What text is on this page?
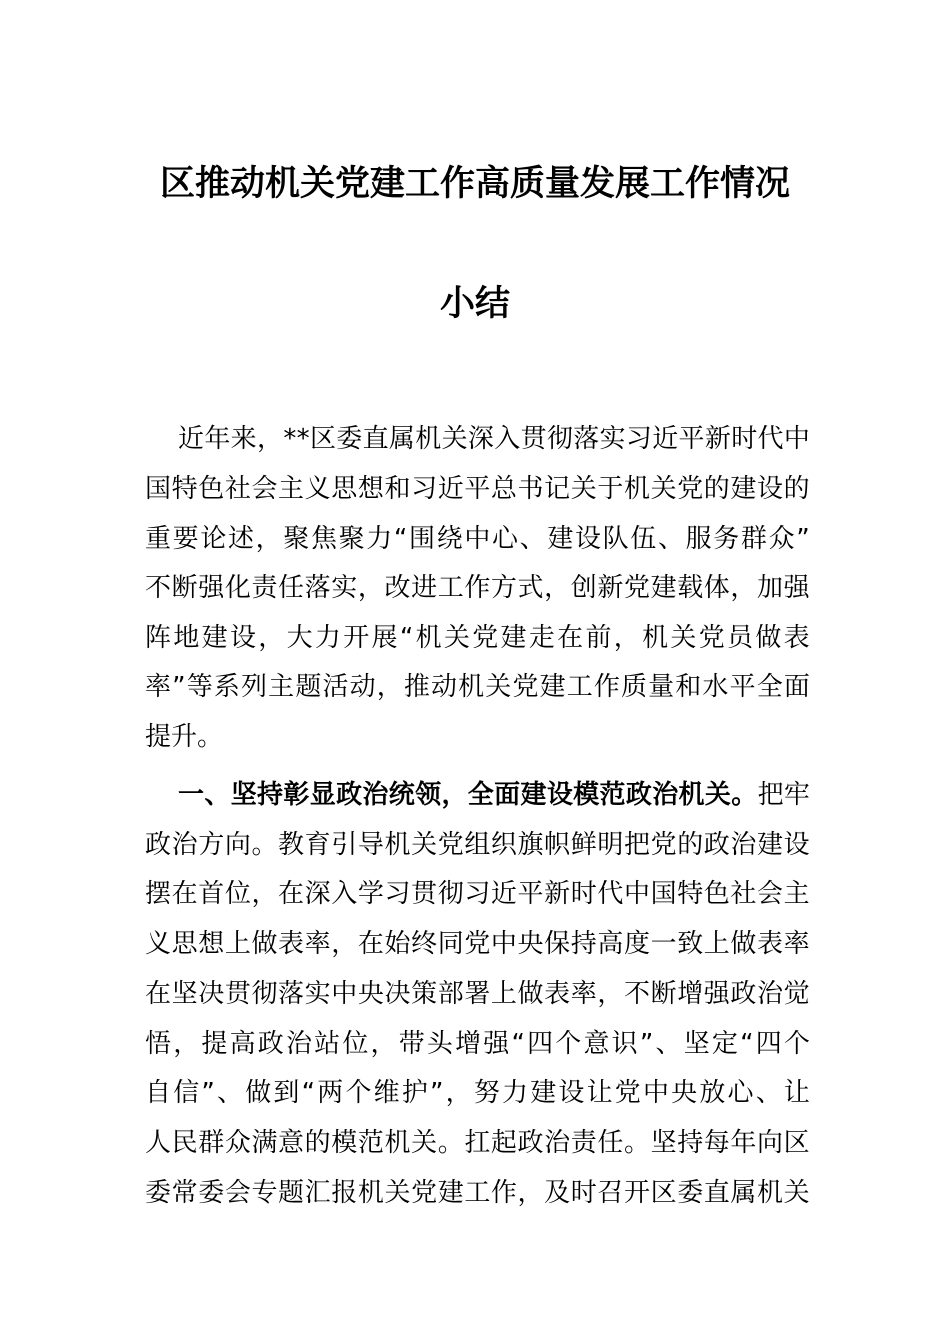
区推动机关党建工作高质量发展工作情况
小结
近 年 来 ， * * 区 委 直 属 机 关 深 入 贯 彻 落 实 习 近 平 新 时 代 中
国 特 色 社 会 主 义 思 想 和 习 近 平 总 书 记 关 于 机 关 党 的 建 设 的
重 要 论 述 ， 聚 焦 聚 力 “ 围 绕 中 心 、 建 设 队 伍 、 服 务 群 众 ”
不 断 强 化 责 任 落 实 ， 改 进 工 作 方 式 ， 创 新 党 建 载 体 ， 加 强
阵 地 建 设 ， 大 力 开 展 “ 机 关 党 建 走 在 前 ， 机 关 党 员 做 表
率 ” 等 系 列 主 题 活 动 ， 推 动 机 关 党 建 工 作 质 量 和 水 平 全 面
提升。
一 、 坚 持 彰 显 政 治 统 领 ， 全 面 建 设 模 范 政 治 机 关 。 把 牢
政 治 方 向 。 教 育 引 导 机 关 党 组 织 旗 帜 鲜 明 把 党 的 政 治 建 设
摆 在 首 位 ， 在 深 入 学 习 贯 彻 习 近 平 新 时 代 中 国 特 色 社 会 主
义 思 想 上 做 表 率 ， 在 始 终 同 党 中 央 保 持 高 度 一 致 上 做 表 率
在 坚 决 贯 彻 落 实 中 央 决 策 部 署 上 做 表 率 ， 不 断 增 强 政 治 觉
悟 ， 提 高 政 治 站 位 ， 带 头 增 强 “ 四 个 意 识 ” 、 坚 定 “ 四 个
自 信 ” 、 做 到 “ 两 个 维 护 ” ， 努 力 建 设 让 党 中 央 放 心 、 让
人 民 群 众 满 意 的 模 范 机 关 。 扛 起 政 治 责 任 。 坚 持 每 年 向 区
委 常 委 会 专 题 汇 报 机 关 党 建 工 作 ， 及 时 召 开 区 委 直 属 机 关
